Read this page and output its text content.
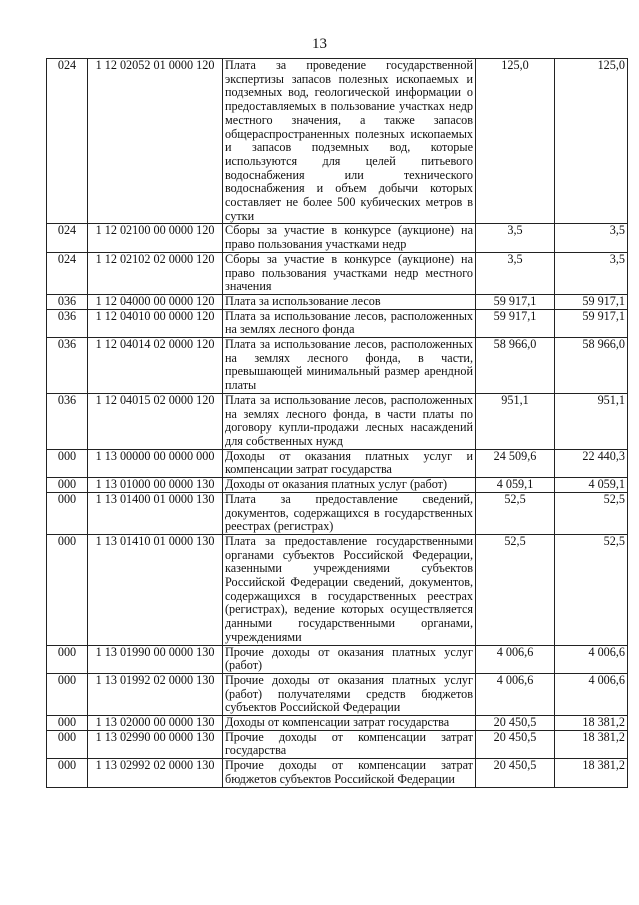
13
024	1 12 02052 01 0000 120	Плата за проведение государственной экспертизы запасов полезных ископаемых и подземных вод, геологической информации о предоставляемых в пользование участках недр местного значения, а также запасов общераспространенных полезных ископаемых и запасов подземных вод, которые используются для целей питьевого водоснабжения или технического водоснабжения и объем добычи которых составляет не более 500 кубических метров в сутки	125,0	125,0
024	1 12 02100 00 0000 120	Сборы за участие в конкурсе (аукционе) на право пользования участками недр	3,5	3,5
024	1 12 02102 02 0000 120	Сборы за участие в конкурсе (аукционе) на право пользования участками недр местного значения	3,5	3,5
036	1 12 04000 00 0000 120	Плата за использование лесов	59 917,1	59 917,1
036	1 12 04010 00 0000 120	Плата за использование лесов, расположенных на землях лесного фонда	59 917,1	59 917,1
036	1 12 04014 02 0000 120	Плата за использование лесов, расположенных на землях лесного фонда, в части, превышающей минимальный размер арендной платы	58 966,0	58 966,0
036	1 12 04015 02 0000 120	Плата за использование лесов, расположенных на землях лесного фонда, в части платы по договору купли-продажи лесных насаждений для собственных нужд	951,1	951,1
000	1 13 00000 00 0000 000	Доходы от оказания платных услуг и компенсации затрат государства	24 509,6	22 440,3
000	1 13 01000 00 0000 130	Доходы от оказания платных услуг (работ)	4 059,1	4 059,1
000	1 13 01400 01 0000 130	Плата за предоставление сведений, документов, содержащихся в государственных реестрах (регистрах)	52,5	52,5
000	1 13 01410 01 0000 130	Плата за предоставление государственными органами субъектов Российской Федерации, казенными учреждениями субъектов Российской Федерации сведений, документов, содержащихся в государственных реестрах (регистрах), ведение которых осуществляется данными государственными органами, учреждениями	52,5	52,5
000	1 13 01990 00 0000 130	Прочие доходы от оказания платных услуг (работ)	4 006,6	4 006,6
000	1 13 01992 02 0000 130	Прочие доходы от оказания платных услуг (работ) получателями средств бюджетов субъектов Российской Федерации	4 006,6	4 006,6
000	1 13 02000 00 0000 130	Доходы от компенсации затрат государства	20 450,5	18 381,2
000	1 13 02990 00 0000 130	Прочие доходы от компенсации затрат государства	20 450,5	18 381,2
000	1 13 02992 02 0000 130	Прочие доходы от компенсации затрат бюджетов субъектов Российской Федерации	20 450,5	18 381,2
